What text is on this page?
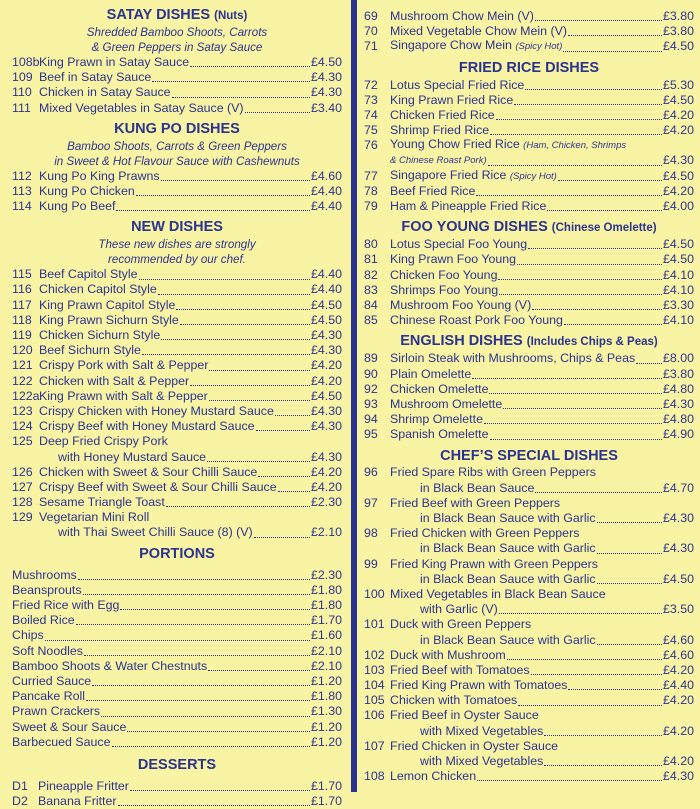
SATAY DISHES (Nuts)
Shredded Bamboo Shoots, Carrots
& Green Peppers in Satay Sauce
108b King Prawn in Satay Sauce	£4.50
109 Beef in Satay Sauce	£4.30
110 Chicken in Satay Sauce	£4.30
111 Mixed Vegetables in Satay Sauce (V)	£3.40
KUNG PO DISHES
Bamboo Shoots, Carrots & Green Peppers
in Sweet & Hot Flavour Sauce with Cashewnuts
112 Kung Po King Prawns	£4.60
113 Kung Po Chicken	£4.40
114 Kung Po Beef	£4.40
NEW DISHES
These new dishes are strongly
recommended by our chef.
115 Beef Capitol Style	£4.40
116 Chicken Capitol Style	£4.40
117 King Prawn Capitol Style	£4.50
118 King Prawn Sichurn Style	£4.50
119 Chicken Sichurn Style	£4.30
120 Beef Sichurn Style	£4.30
121 Crispy Pork with Salt & Pepper	£4.20
122 Chicken with Salt & Pepper	£4.20
122a King Prawn with Salt & Pepper	£4.50
123 Crispy Chicken with Honey Mustard Sauce	£4.30
124 Crispy Beef with Honey Mustard Sauce	£4.30
125 Deep Fried Crispy Pork
with Honey Mustard Sauce	£4.30
126 Chicken with Sweet & Sour Chilli Sauce	£4.20
127 Crispy Beef with Sweet & Sour Chilli Sauce	£4.20
128 Sesame Triangle Toast	£2.30
129 Vegetarian Mini Roll
with Thai Sweet Chilli Sauce (8) (V)	£2.10
PORTIONS
Mushrooms	£2.30
Beansprouts	£1.80
Fried Rice with Egg	£1.80
Boiled Rice	£1.70
Chips	£1.60
Soft Noodles	£2.10
Bamboo Shoots & Water Chestnuts	£2.10
Curried Sauce	£1.20
Pancake Roll	£1.80
Prawn Crackers	£1.30
Sweet & Sour Sauce	£1.20
Barbecued Sauce	£1.20
DESSERTS
D1 Pineapple Fritter	£1.70
D2 Banana Fritter	£1.70
69 Mushroom Chow Mein (V)	£3.80
70 Mixed Vegetable Chow Mein (V)	£3.80
71 Singapore Chow Mein (Spicy Hot)	£4.50
FRIED RICE DISHES
72 Lotus Special Fried Rice	£5.30
73 King Prawn Fried Rice	£4.50
74 Chicken Fried Rice	£4.20
75 Shrimp Fried Rice	£4.20
76 Young Chow Fried Rice (Ham, Chicken, Shrimps
& Chinese Roast Pork)	£4.30
77 Singapore Fried Rice (Spicy Hot)	£4.50
78 Beef Fried Rice	£4.20
79 Ham & Pineapple Fried Rice	£4.00
FOO YOUNG DISHES (Chinese Omelette)
80 Lotus Special Foo Young	£4.50
81 King Prawn Foo Young	£4.50
82 Chicken Foo Young	£4.10
83 Shrimps Foo Young	£4.10
84 Mushroom Foo Young (V)	£3.30
85 Chinese Roast Pork Foo Young	£4.10
ENGLISH DISHES (Includes Chips & Peas)
89 Sirloin Steak with Mushrooms, Chips & Peas £8.00
90 Plain Omelette	£3.80
92 Chicken Omelette	£4.80
93 Mushroom Omelette	£4.30
94 Shrimp Omelette	£4.80
95 Spanish Omelette	£4.90
CHEF’S SPECIAL DISHES
96 Fried Spare Ribs with Green Peppers
in Black Bean Sauce	£4.70
97 Fried Beef with Green Peppers
in Black Bean Sauce with Garlic	£4.30
98 Fried Chicken with Green Peppers
in Black Bean Sauce with Garlic	£4.30
99 Fried King Prawn with Green Peppers
in Black Bean Sauce with Garlic	£4.50
100 Mixed Vegetables in Black Bean Sauce
with Garlic (V)	£3.50
101 Duck with Green Peppers
in Black Bean Sauce with Garlic	£4.60
102 Duck with Mushroom	£4.60
103 Fried Beef with Tomatoes	£4.20
104 Fried King Prawn with Tomatoes	£4.40
105 Chicken with Tomatoes	£4.20
106 Fried Beef in Oyster Sauce
with Mixed Vegetables	£4.20
107 Fried Chicken in Oyster Sauce
with Mixed Vegetables	£4.20
108 Lemon Chicken	£4.30
